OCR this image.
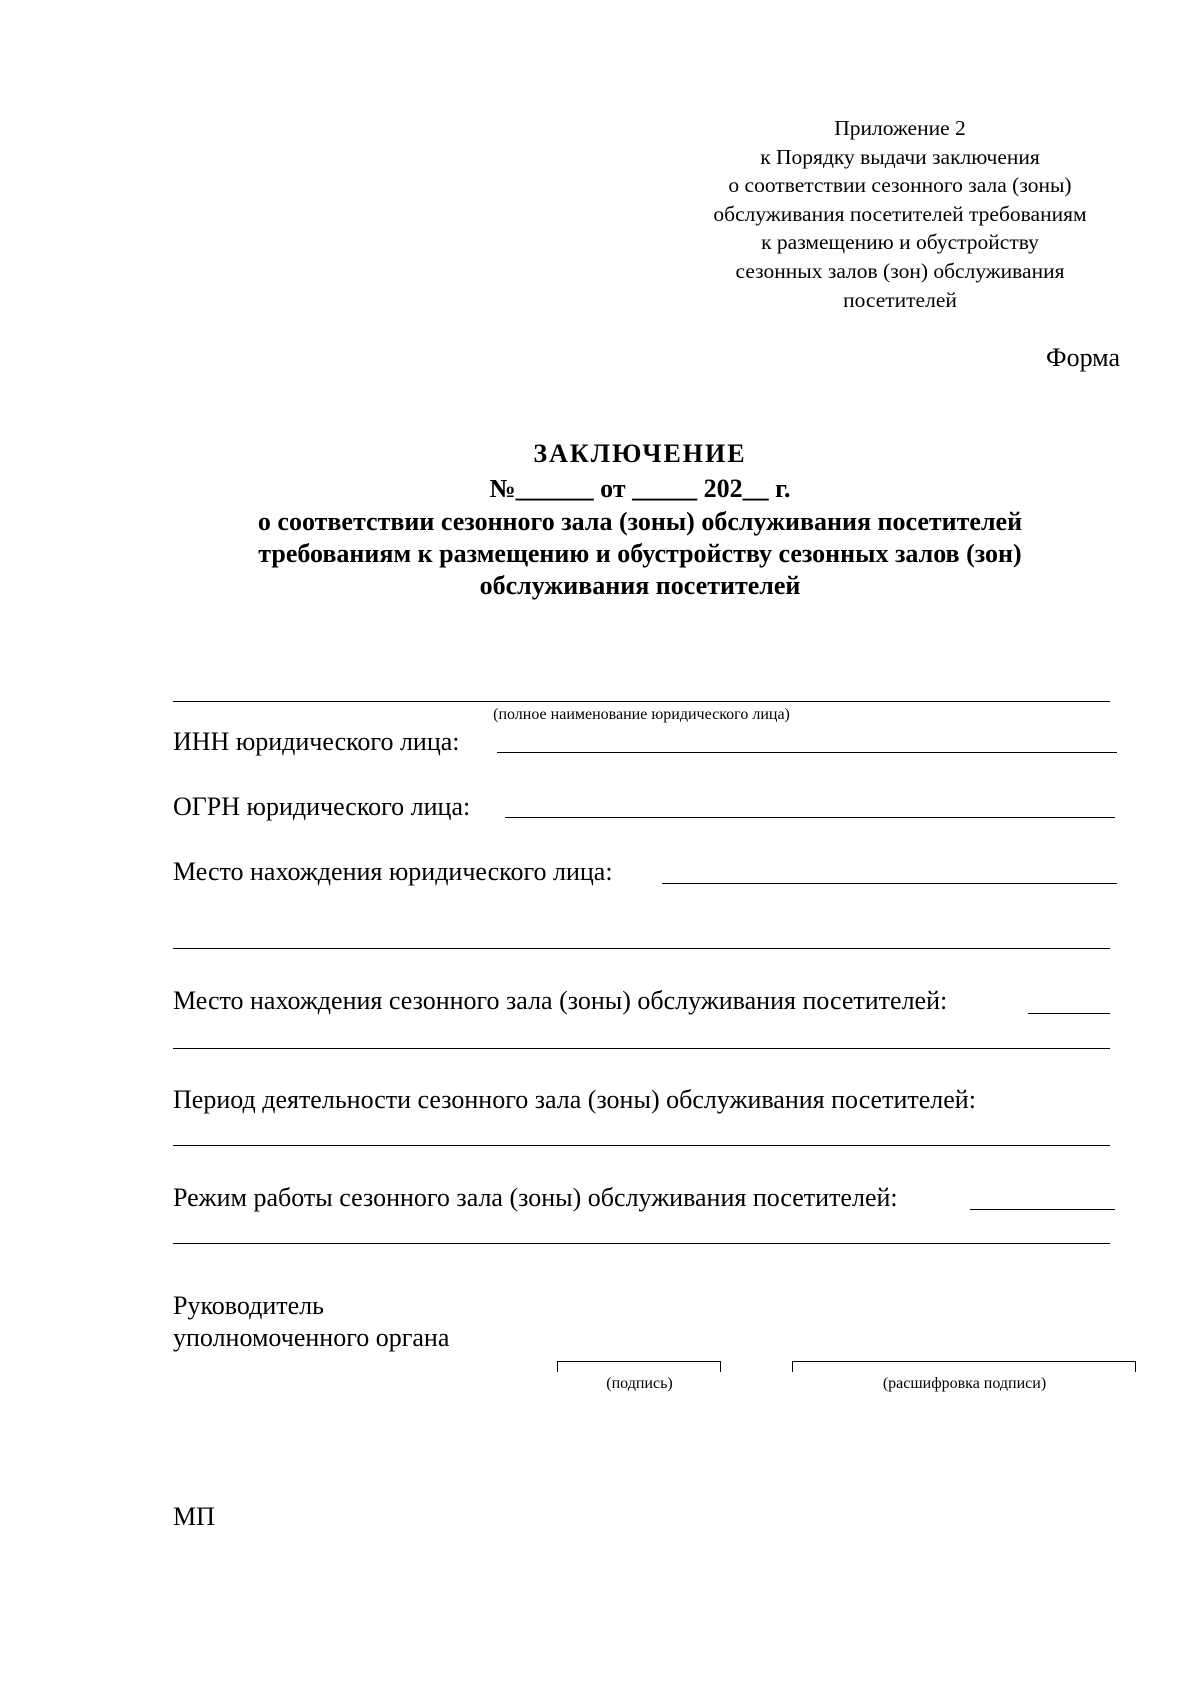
Приложение 2
к Порядку выдачи заключения
о соответствии сезонного зала (зоны)
обслуживания посетителей требованиям
к размещению и обустройству
сезонных залов (зон) обслуживания
посетителей
Форма
ЗАКЛЮЧЕНИЕ
№______ от _____ 202__ г.
о соответствии сезонного зала (зоны) обслуживания посетителей
требованиям к размещению и обустройству сезонных залов (зон)
обслуживания посетителей
(полное наименование юридического лица)
ИНН юридического лица:
ОГРН юридического лица:
Место нахождения юридического лица:
Место нахождения сезонного зала (зоны) обслуживания посетителей:
Период деятельности сезонного зала (зоны) обслуживания посетителей:
Режим работы сезонного зала (зоны) обслуживания посетителей:
Руководитель
уполномоченного органа
(подпись)	(расшифровка подписи)
МП
